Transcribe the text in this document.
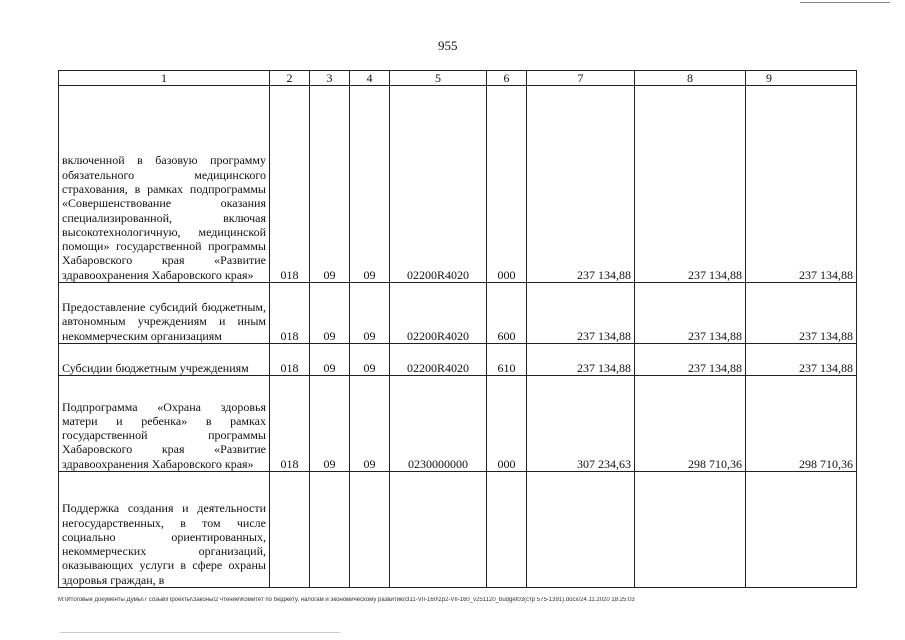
955
1	2	3	4	5	6	7	8	9

включенной в базовую программу обязательного медицинского страхования, в рамках подпрограммы «Совершенствование оказания специализированной, включая высокотехнологичную, медицинской помощи» государственной программы Хабаровского края «Развитие здравоохранения Хабаровского края»	018	09	09	02200R4020	000	237 134,88	237 134,88	237 134,88

Предоставление субсидий бюджетным, автономным учреждениям и иным некоммерческим организациям	018	09	09	02200R4020	600	237 134,88	237 134,88	237 134,88

Субсидии бюджетным учреждениям	018	09	09	02200R4020	610	237 134,88	237 134,88	237 134,88

Подпрограмма «Охрана здоровья матери и ребенка» в рамках государственной программы Хабаровского края «Развитие здравоохранения Хабаровского края»	018	09	09	0230000000	000	307 234,63	298 710,36	298 710,36

Поддержка создания и деятельности негосударственных, в том числе социально ориентированных, некоммерческих организаций, оказывающих услуги в сфере охраны здоровья граждан, в								

M:\Итоговые документы Думы\7 созыв\Проекты\Законы\2 чтение\Комитет по бюджету, налогам и экономическому развитию\311-VII-160\zp2-VII-160_v251120_budget03(стр 575-1391).docx/24.11.2020 18:25:03
